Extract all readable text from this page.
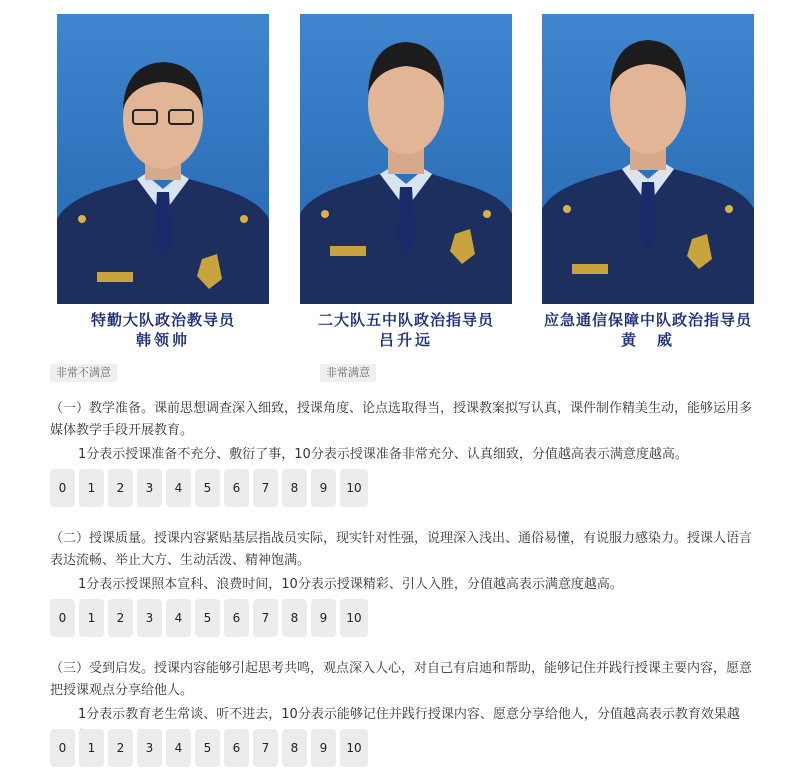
特勤大队政治教导员
韩领帅
二大队五中队政治指导员
吕升远
应急通信保障中队政治指导员
黄　威
非常不满意	非常满意
（一）教学准备。课前思想调查深入细致，授课角度、论点选取得当，授课教案拟写认真，课件制作精美生动，能够运用多媒体教学手段开展教育。
1分表示授课准备不充分、敷衍了事，10分表示授课准备非常充分、认真细致，分值越高表示满意度越高。
0	1	2	3	4	5	6	7	8	9	10
（二）授课质量。授课内容紧贴基层指战员实际，现实针对性强，说理深入浅出、通俗易懂，有说服力感染力。授课人语言表达流畅、举止大方、生动活泼、精神饱满。
1分表示授课照本宣科、浪费时间，10分表示授课精彩、引人入胜，分值越高表示满意度越高。
0	1	2	3	4	5	6	7	8	9	10
（三）受到启发。授课内容能够引起思考共鸣，观点深入人心，对自己有启迪和帮助，能够记住并践行授课主要内容，愿意把授课观点分享给他人。
1分表示教育老生常谈、听不进去，10分表示能够记住并践行授课内容、愿意分享给他人，分值越高表示教育效果越
0	1	2	3	4	5	6	7	8	9	10
